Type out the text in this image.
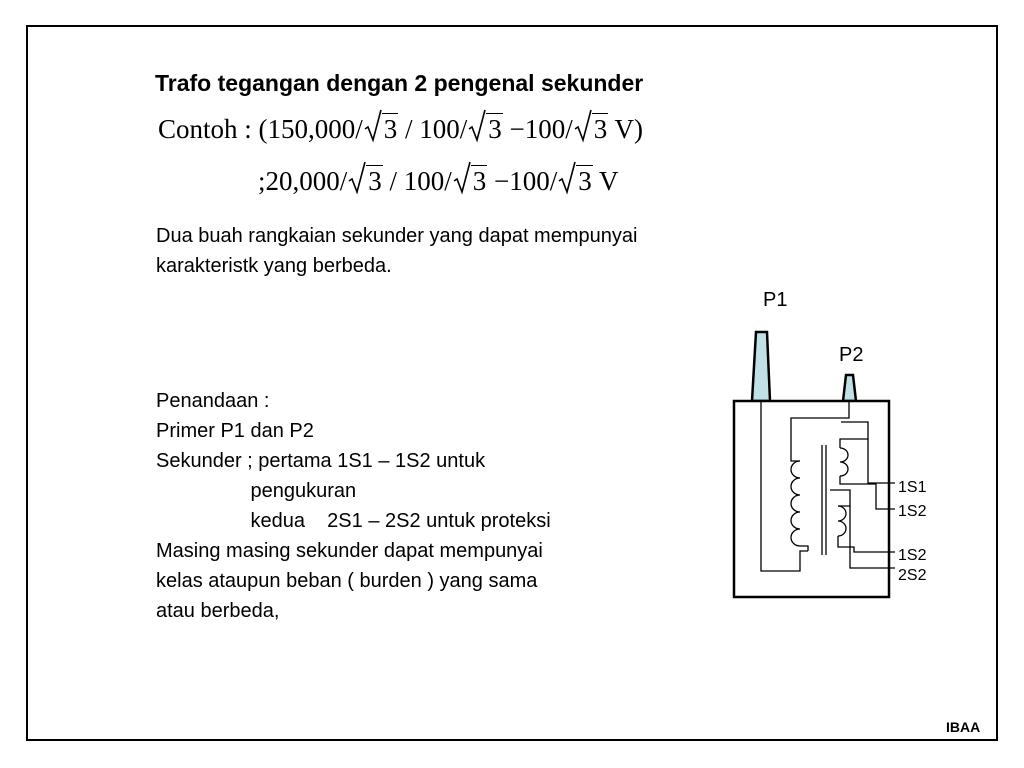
Trafo tegangan dengan 2 pengenal sekunder
Contoh : (150,000/ 3 / 100/ 3 −100/ 3 V)
;20,000/ 3 / 100/ 3 −100/ 3 V
Dua buah rangkaian sekunder yang dapat mempunyai
karakteristk yang berbeda.
Penandaan :
Primer P1 dan P2
Sekunder ; pertama 1S1 – 1S2 untuk
pengukuran
kedua    2S1 – 2S2 untuk proteksi
Masing masing sekunder dapat mempunyai
kelas ataupun beban ( burden ) yang sama
atau berbeda,
P1
P2
1S1
1S2
1S2
2S2
IBAA
